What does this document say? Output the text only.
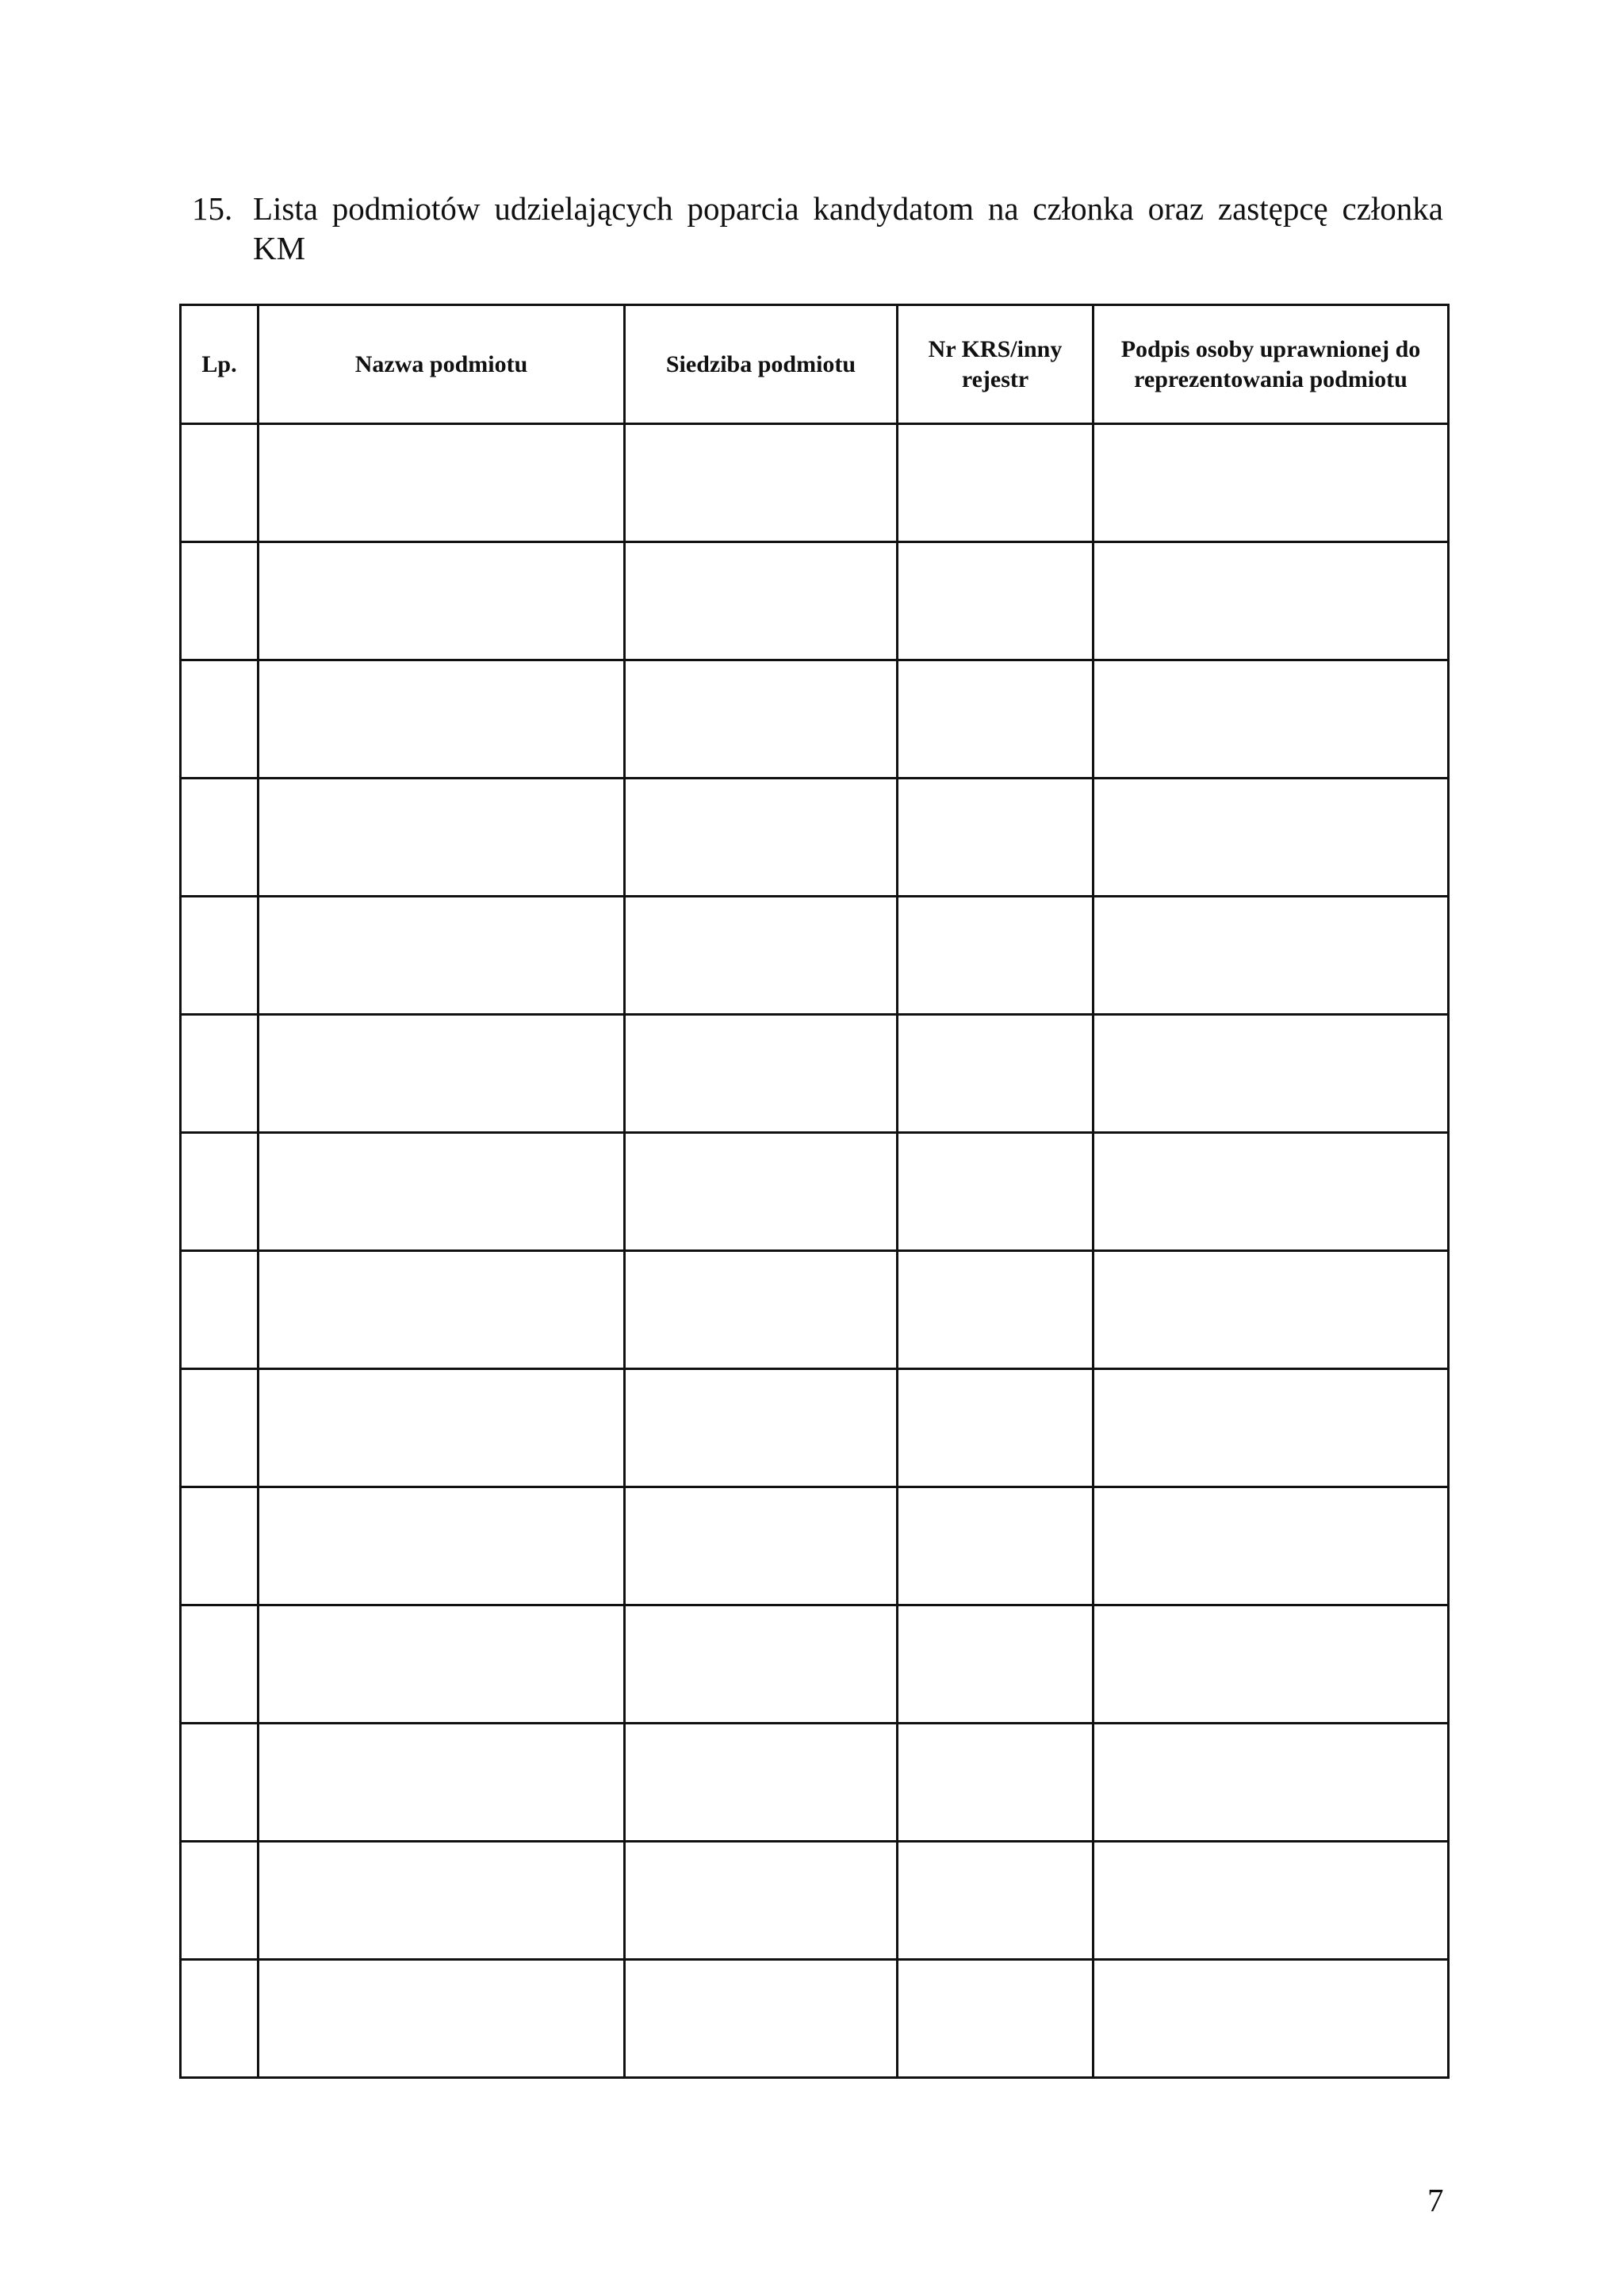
15. Lista podmiotów udzielających poparcia kandydatom na członka oraz zastępcę członka KM
Lp.	Nazwa podmiotu	Siedziba podmiotu	Nr KRS/inny rejestr	Podpis osoby uprawnionej do reprezentowania podmiotu

7
